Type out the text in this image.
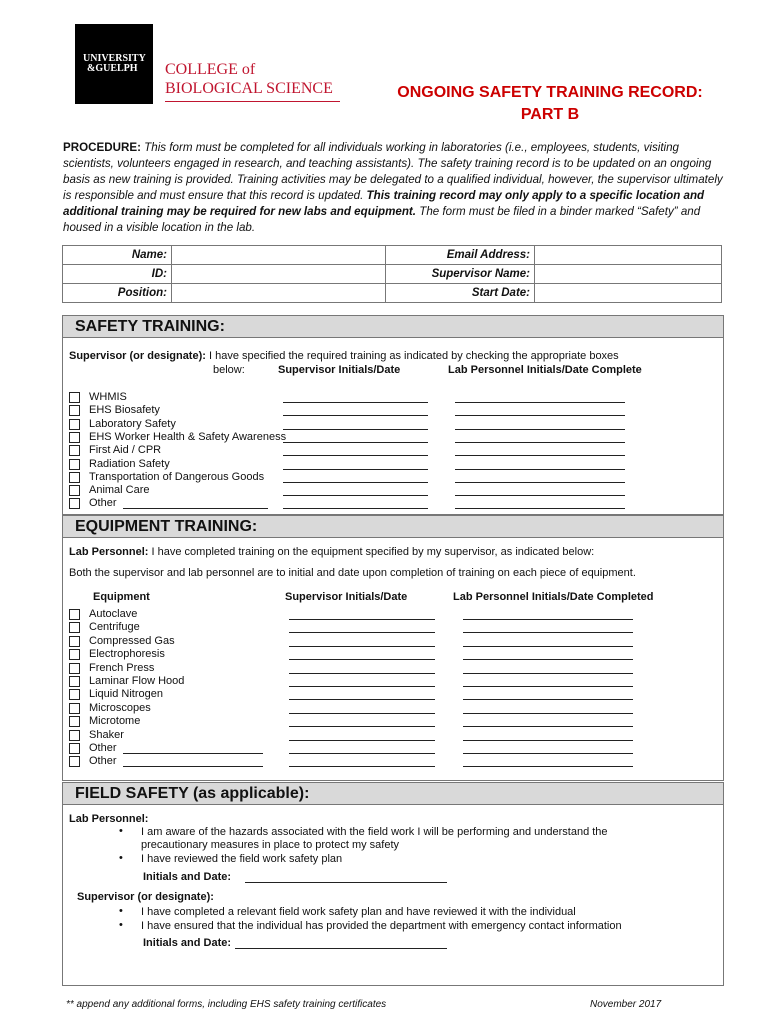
UNIVERSITY
&GUELPH COLLEGE of
BIOLOGICAL SCIENCE	ONGOING SAFETY TRAINING RECORD:
PART B
PROCEDURE: This form must be completed for all individuals working in laboratories (i.e., employees, students, visiting scientists, volunteers engaged in research, and teaching assistants). The safety training record is to be updated on an ongoing basis as new training is provided. Training activities may be delegated to a qualified individual, however, the supervisor ultimately is responsible and must ensure that this record is updated. This training record may only apply to a specific location and additional training may be required for new labs and equipment. The form must be filed in a binder marked “Safety” and housed in a visible location in the lab.
Name:		Email Address:	
ID:		Supervisor Name:	
Position:		Start Date:	
SAFETY TRAINING:
Supervisor (or designate): I have specified the required training as indicated by checking the appropriate boxes
below:	Supervisor Initials/Date	Lab Personnel Initials/Date Complete
WHMIS
EHS Biosafety
Laboratory Safety
EHS Worker Health & Safety Awareness
First Aid / CPR
Radiation Safety
Transportation of Dangerous Goods
Animal Care
Other
EQUIPMENT TRAINING:
Lab Personnel: I have completed training on the equipment specified by my supervisor, as indicated below:
Both the supervisor and lab personnel are to initial and date upon completion of training on each piece of equipment.
Equipment	Supervisor Initials/Date	Lab Personnel Initials/Date Completed
Autoclave
Centrifuge
Compressed Gas
Electrophoresis
French Press
Laminar Flow Hood
Liquid Nitrogen
Microscopes
Microtome
Shaker
Other
Other
FIELD SAFETY (as applicable):
Lab Personnel:
• I am aware of the hazards associated with the field work I will be performing and understand the
precautionary measures in place to protect my safety
• I have reviewed the field work safety plan
Initials and Date:
Supervisor (or designate):
• I have completed a relevant field work safety plan and have reviewed it with the individual
• I have ensured that the individual has provided the department with emergency contact information
Initials and Date:
** append any additional forms, including EHS safety training certificates	November 2017
